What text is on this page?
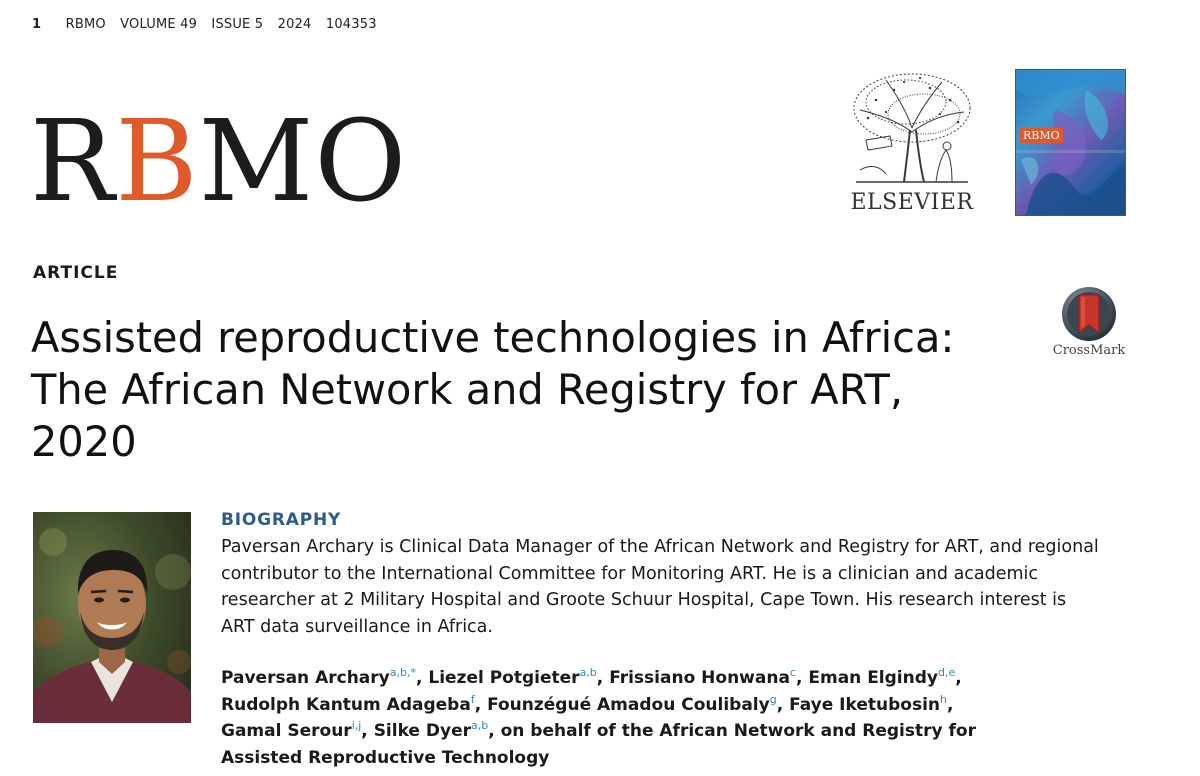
1 RBMO VOLUME 49 ISSUE 5 2024 104353
RBMO	ELSEVIER
RBMO
ARTICLE
Assisted reproductive technologies in Africa:
The African Network and Registry for ART,
2020
CrossMark
BIOGRAPHY

Paversan Archary is Clinical Data Manager of the African Network and Registry for ART, and regional
contributor to the International Committee for Monitoring ART. He is a clinician and academic
researcher at 2 Military Hospital and Groote Schuur Hospital, Cape Town. His research interest is
ART data surveillance in Africa.

Paversan Archary$^{a,b,*}$, Liezel Potgieter$^{a,b}$, Frissiano Honwana$^c$, Eman Elgindy$^{d,e}$,
Rudolph Kantum Adageba$^f$, Founzégué Amadou Coulibaly$^g$, Faye Iketubosin$^h$,
Gamal Serour$^{i,j}$, Silke Dyer$^{a,b}$, on behalf of the African Network and Registry for
Assisted Reproductive Technology
